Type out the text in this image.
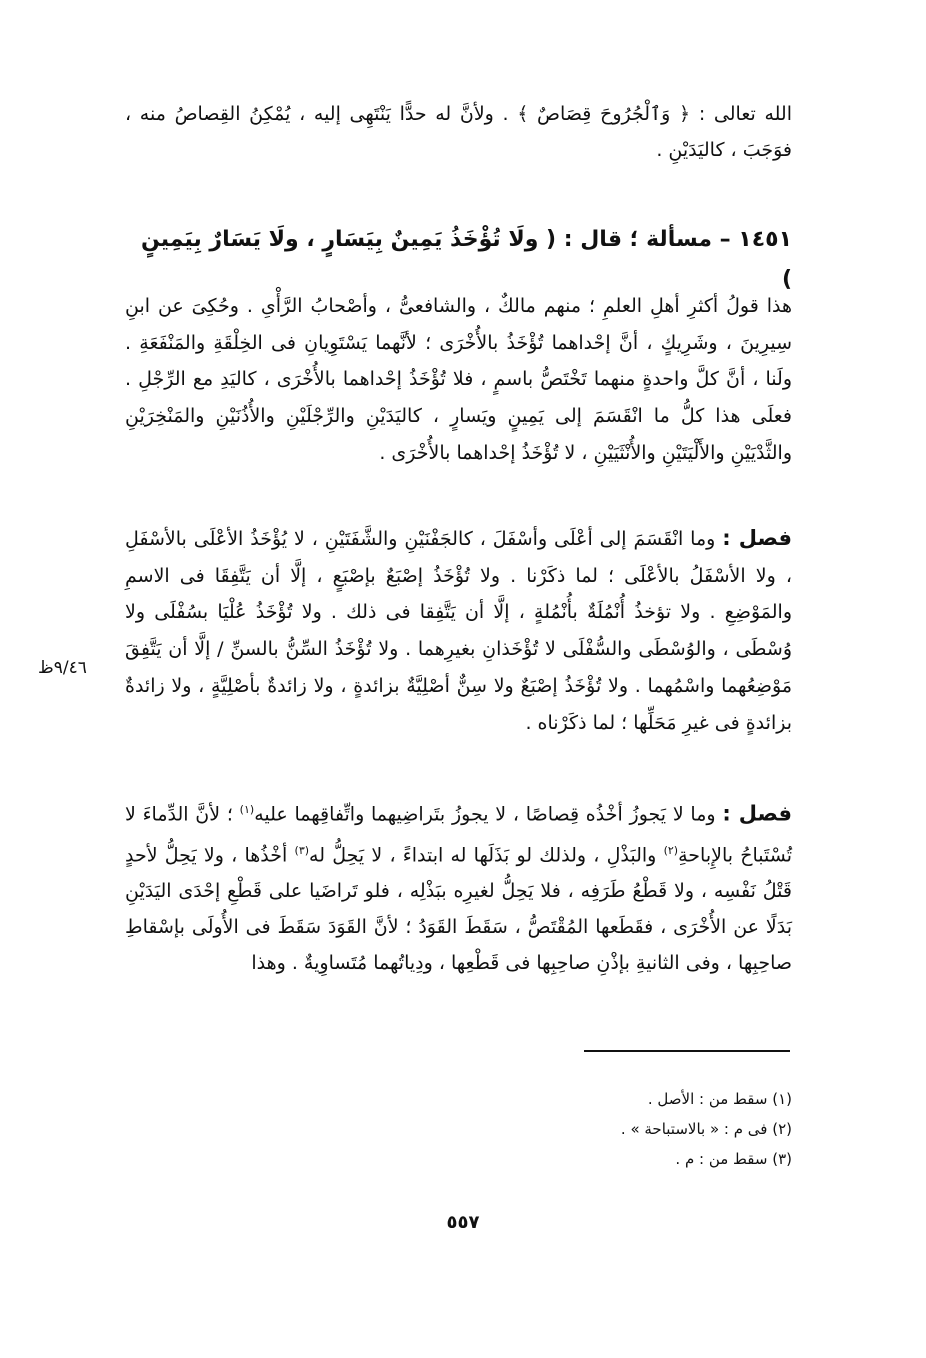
الله تعالى : ﴿ وَٱلْجُرُوحَ قِصَاصٌ ﴾ . ولأنَّ له حدًّا يَنْتَهِى إليه ، يُمْكِنُ القِصاصُ منه ، فوَجَبَ ، كاليَدَيْنِ .
١٤٥١ – مسألة ؛ قال : ( ولَا تُؤْخَذُ يَمِينٌ بِيَسَارٍ ، ولَا يَسَارٌ بِيَمِينٍ )
هذا قولُ أكثرِ أهلِ العلمِ ؛ منهم مالكٌ ، والشافعىُّ ، وأصْحابُ الرَّأْىِ . وحُكِىَ عن ابنِ سِيرِينَ ، وشَرِيكٍ ، أنَّ إحْداهما تُؤْخَذُ بالأُخْرَى ؛ لأنَّهما يَسْتَوِيانِ فى الخِلْقَةِ والمَنْفَعَةِ . ولَنا ، أنَّ كلَّ واحدةٍ منهما تَخْتَصُّ باسمٍ ، فلا تُؤْخَذُ إحْداهما بالأُخْرَى ، كاليَدِ مع الرِّجْلِ . فعلَى هذا كلُّ ما انْقَسَمَ إلى يَمِينٍ ويَسارٍ ، كاليَدَيْنِ والرِّجْلَيْنِ والأُذُنَيْنِ والمَنْخِرَيْنِ والثَّدْيَيْنِ والأَلْيَتَيْنِ والأُنْثَيَيْنِ ، لا تُؤْخَذُ إحْداهما بالأُخْرَى .
فصل : وما انْقَسَمَ إلى أعْلَى وأسْفَلَ ، كالجَفْنَيْنِ والشَّفَتَيْنِ ، لا يُؤْخَذُ الأعْلَى بالأسْفَلِ ، ولا الأسْفَلُ بالأعْلَى ؛ لما ذكَرْنا . ولا تُؤْخَذُ إصْبَعٌ بإصْبَعٍ ، إلَّا أن يَتَّفِقَا فى الاسمِ والمَوْضِعِ . ولا تؤخذُ أُنْمُلَةٌ بأُنْمُلةٍ ، إلَّا أن يَتَّفِقا فى ذلك . ولا تُؤْخَذُ عُلْيَا بسُفْلَى ولا وُسْطَى ، والوُسْطَى والسُّفْلَى لا تُؤْخَذانِ بغيرِهما . ولا تُؤْخَذُ السِّنُّ بالسنِّ / إلَّا أن يَتَّفِقَ مَوْضِعُهما واسْمُهما . ولا تُؤْخَذُ إصْبَعٌ ولا سِنٌّ أصْلِيَّةٌ بزائدةٍ ، ولا زائدةٌ بأصْلِيَّةٍ ، ولا زائدةٌ بزائدةٍ فى غيرِ مَحَلِّها ؛ لما ذكَرْناه .
٩/٤٦ظ
فصل : وما لا يَجوزُ أخْذُه قِصاصًا ، لا يجوزُ بتَراضِيهما واتِّفاقِهما عليه$^{(١)}$ ؛ لأنَّ الدِّماءَ لا تُسْتَباحُ بالإِباحةِ$^{(٢)}$ والبَذْلِ ، ولذلك لو بَذَلَها له ابتداءً ، لا يَحِلُّ له$^{(٣)}$ أخْذُها ، ولا يَحِلُّ لأحدٍ قَتْلُ نَفْسِه ، ولا قَطْعُ طَرَفِه ، فلا يَحِلُّ لغيرِه ببَذْلِه ، فلو تَراضَيا على قَطْعِ إحْدَى اليَدَيْنِ بَدَلًا عن الأُخْرَى ، فقَطَعها المُقْتَصُّ ، سَقَطَ القَوَدُ ؛ لأنَّ القَوَدَ سَقَطَ فى الأُولَى بإسْقاطِ صاحِبِها ، وفى الثانيةِ بإذْنِ صاحِبِها فى قَطْعِها ، ودِياتُهما مُتَساوِيةٌ . وهذا
(١) سقط من : الأصل .
(٢) فى م : « بالاستباحة » .
(٣) سقط من : م .
٥٥٧
